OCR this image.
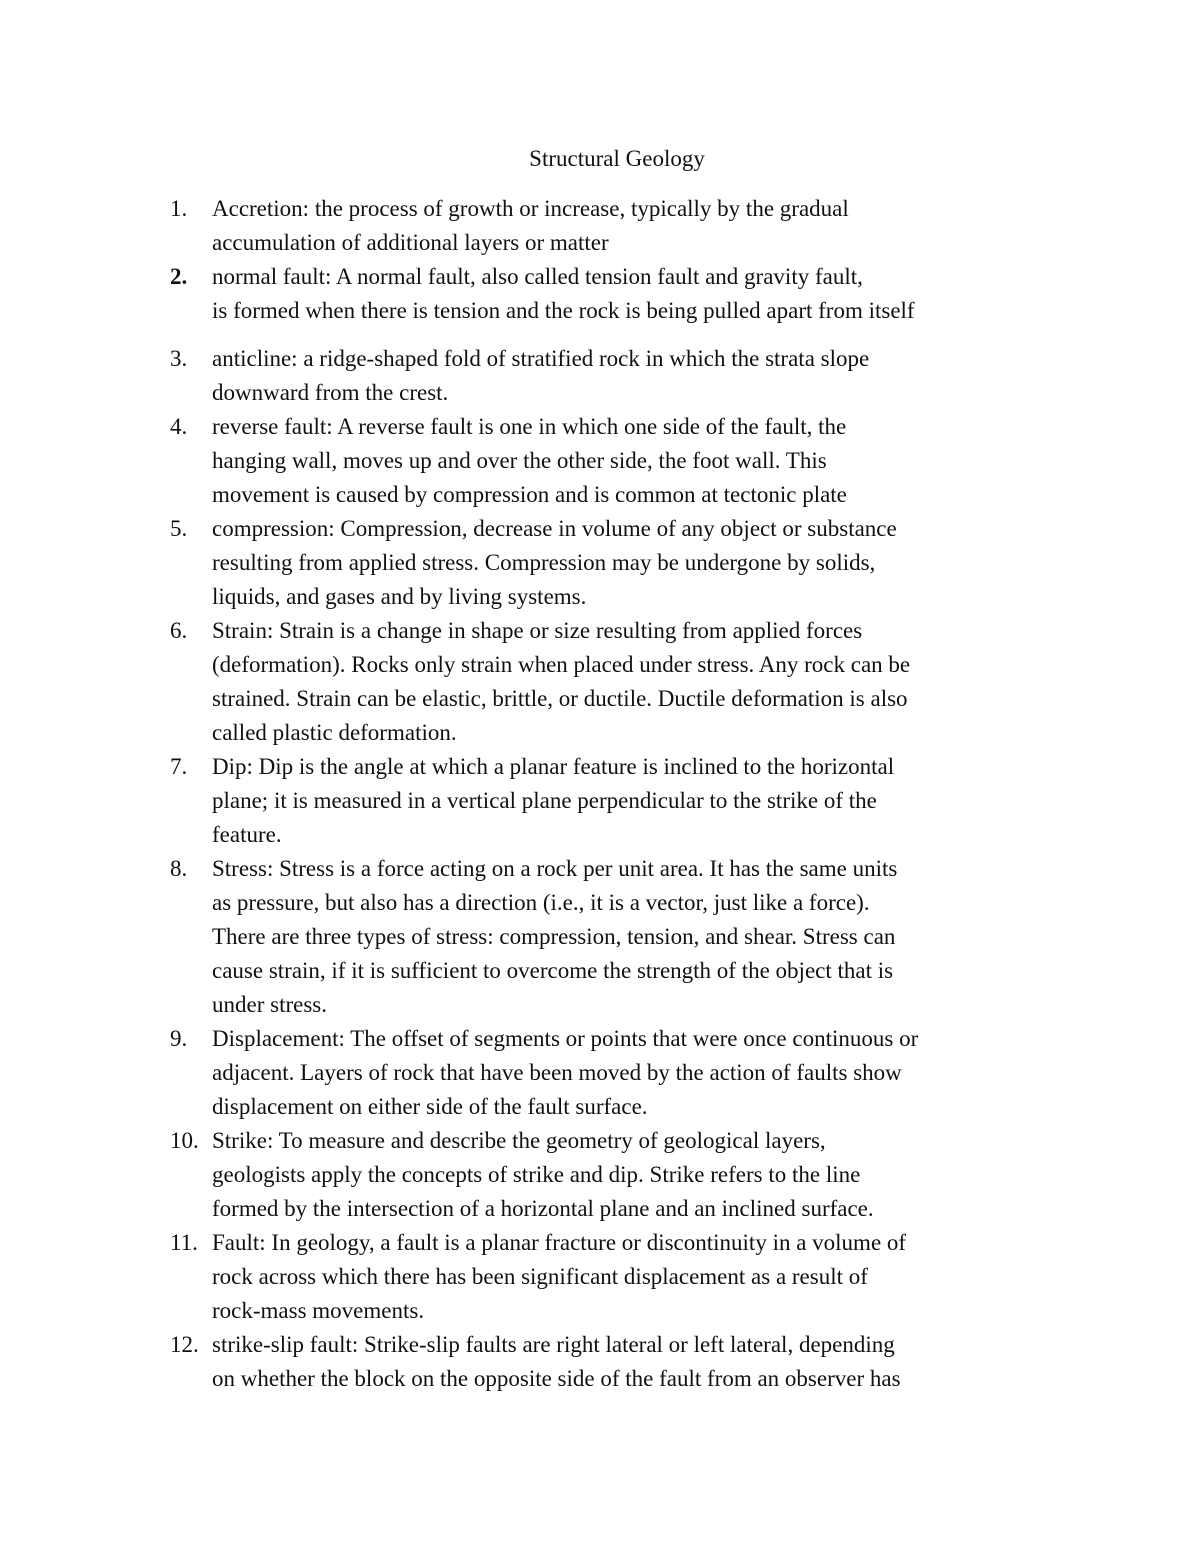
Structural Geology
1.	Accretion: the process of growth or increase, typically by the gradual
accumulation of additional layers or matter
2.	normal fault: A normal fault, also called tension fault and gravity fault,
is formed when there is tension and the rock is being pulled apart from itself
3.	anticline: a ridge-shaped fold of stratified rock in which the strata slope
downward from the crest.
4.	reverse fault: A reverse fault is one in which one side of the fault, the
hanging wall, moves up and over the other side, the foot wall. This
movement is caused by compression and is common at tectonic plate
5.	compression: Compression, decrease in volume of any object or substance
resulting from applied stress. Compression may be undergone by solids,
liquids, and gases and by living systems.
6.	Strain: Strain is a change in shape or size resulting from applied forces
(deformation). Rocks only strain when placed under stress. Any rock can be
strained. Strain can be elastic, brittle, or ductile. Ductile deformation is also
called plastic deformation.
7.	Dip: Dip is the angle at which a planar feature is inclined to the horizontal
plane; it is measured in a vertical plane perpendicular to the strike of the
feature.
8.	Stress: Stress is a force acting on a rock per unit area. It has the same units
as pressure, but also has a direction (i.e., it is a vector, just like a force).
There are three types of stress: compression, tension, and shear. Stress can
cause strain, if it is sufficient to overcome the strength of the object that is
under stress.
9.	Displacement: The offset of segments or points that were once continuous or
adjacent. Layers of rock that have been moved by the action of faults show
displacement on either side of the fault surface.
10. Strike: To measure and describe the geometry of geological layers,
geologists apply the concepts of strike and dip. Strike refers to the line
formed by the intersection of a horizontal plane and an inclined surface.
11. Fault: In geology, a fault is a planar fracture or discontinuity in a volume of
rock across which there has been significant displacement as a result of
rock-mass movements.
12. strike-slip fault: Strike-slip faults are right lateral or left lateral, depending
on whether the block on the opposite side of the fault from an observer has
